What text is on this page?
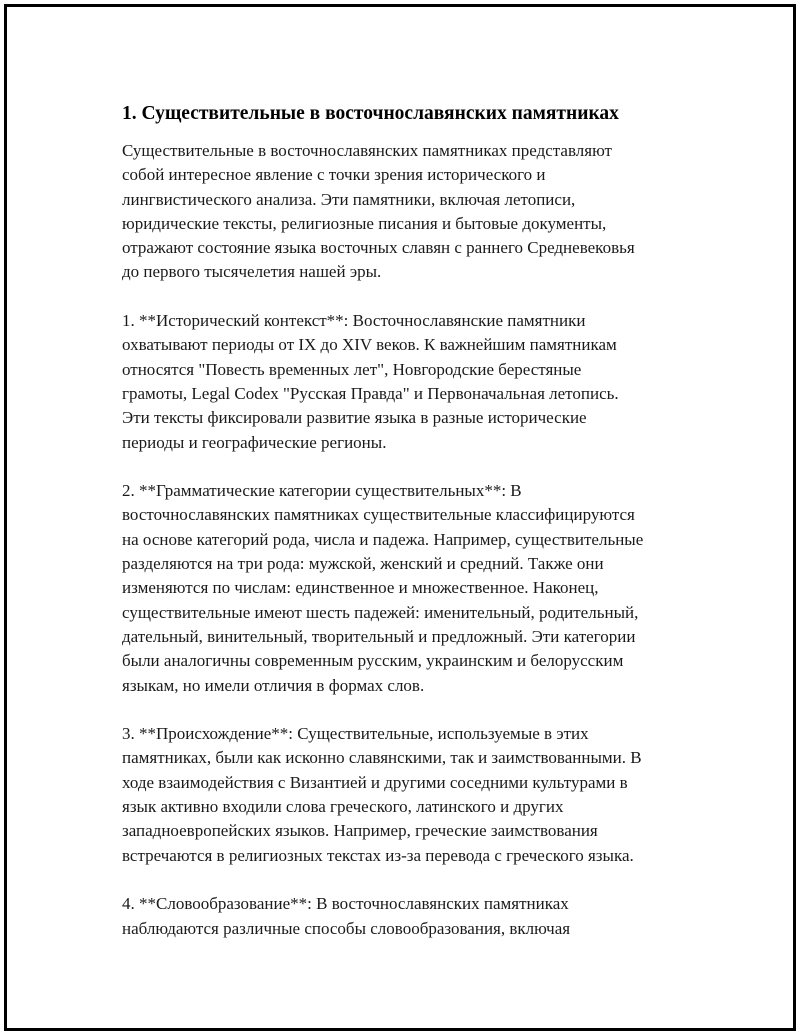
1. Существительные в восточнославянских памятниках

Существительные в восточнославянских памятниках представляют
собой интересное явление с точки зрения исторического и
лингвистического анализа. Эти памятники, включая летописи,
юридические тексты, религиозные писания и бытовые документы,
отражают состояние языка восточных славян с раннего Средневековья
до первого тысячелетия нашей эры.

1. **Исторический контекст**: Восточнославянские памятники
охватывают периоды от IX до XIV веков. К важнейшим памятникам
относятся "Повесть временных лет", Новгородские берестяные
грамоты, Legal Codex "Русская Правда" и Первоначальная летопись.
Эти тексты фиксировали развитие языка в разные исторические
периоды и географические регионы.

2. **Грамматические категории существительных**: В
восточнославянских памятниках существительные классифицируются
на основе категорий рода, числа и падежа. Например, существительные
разделяются на три рода: мужской, женский и средний. Также они
изменяются по числам: единственное и множественное. Наконец,
существительные имеют шесть падежей: именительный, родительный,
дательный, винительный, творительный и предложный. Эти категории
были аналогичны современным русским, украинским и белорусским
языкам, но имели отличия в формах слов.

3. **Происхождение**: Существительные, используемые в этих
памятниках, были как исконно славянскими, так и заимствованными. В
ходе взаимодействия с Византией и другими соседними культурами в
язык активно входили слова греческого, латинского и других
западноевропейских языков. Например, греческие заимствования
встречаются в религиозных текстах из-за перевода с греческого языка.

4. **Словообразование**: В восточнославянских памятниках
наблюдаются различные способы словообразования, включая
